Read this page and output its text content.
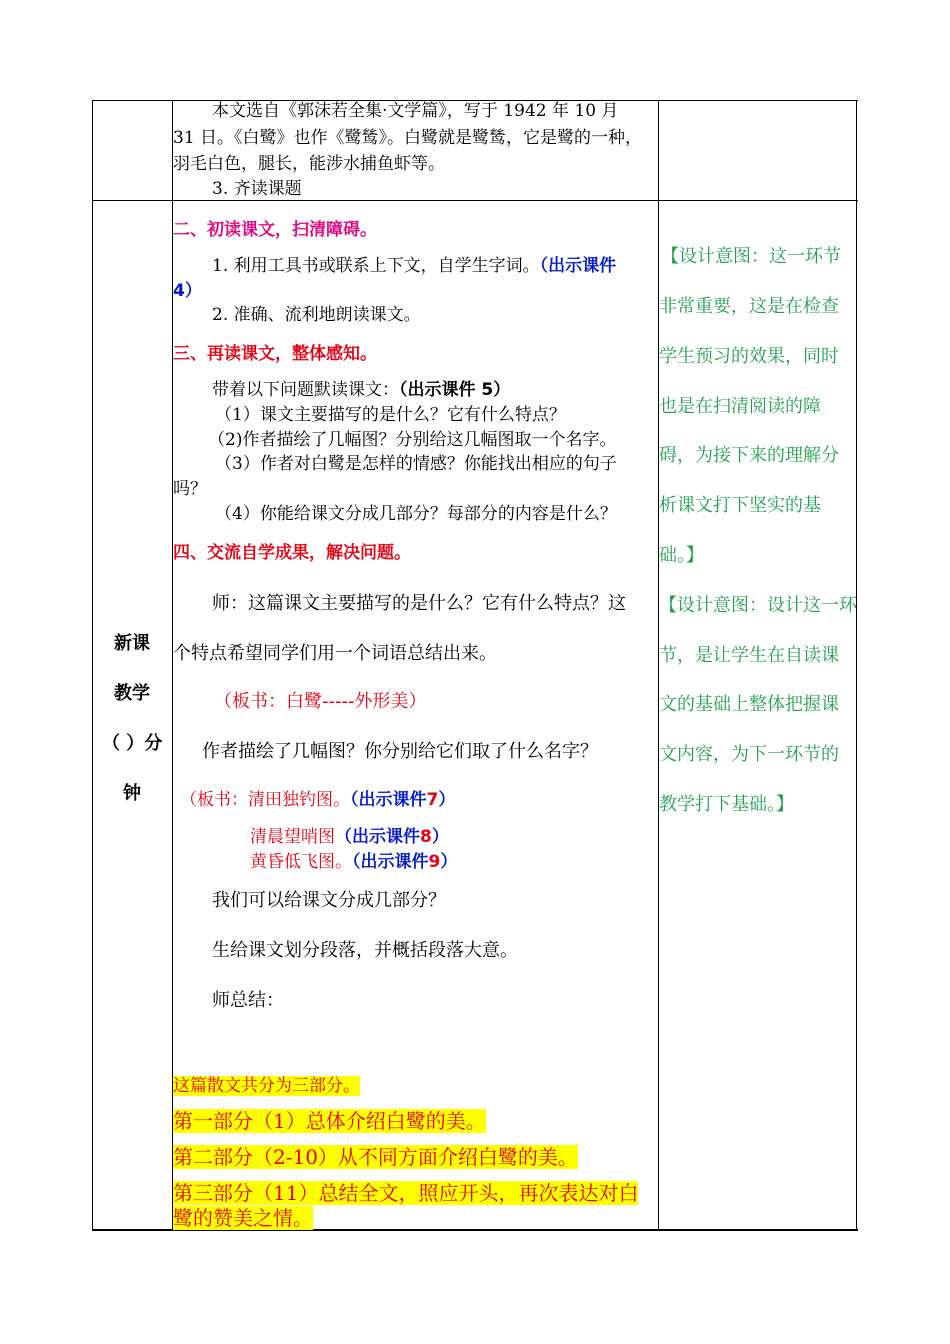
本文选自《郭沫若全集·文学篇》，写于 1942 年 10 月
31 日。《白鹭》也作《鹭鸶》。白鹭就是鹭鸶，它是鹭的一种，
羽毛白色，腿长，能涉水捕鱼虾等。
3. 齐读课题
新课
教学
（ ）分
钟
二、初读课文，扫清障碍。
1. 利用工具书或联系上下文，自学生字词。（出示课件
4）
2. 准确、流利地朗读课文。
三、再读课文，整体感知。
带着以下问题默读课文：（出示课件 5）
（1）课文主要描写的是什么？它有什么特点？
（2)作者描绘了几幅图？分别给这几幅图取一个名字。
（3）作者对白鹭是怎样的情感？你能找出相应的句子
吗？
（4）你能给课文分成几部分？每部分的内容是什么？
四、交流自学成果，解决问题。
师：这篇课文主要描写的是什么？它有什么特点？这
个特点希望同学们用一个词语总结出来。
（板书：白鹭-----外形美）
作者描绘了几幅图？你分别给它们取了什么名字？
（板书：清田独钓图。（出示课件7）
清晨望哨图（出示课件8）
黄昏低飞图。（出示课件9）
我们可以给课文分成几部分？
生给课文划分段落，并概括段落大意。
师总结：
这篇散文共分为三部分。
第一部分（1）总体介绍白鹭的美。
第二部分（2-10）从不同方面介绍白鹭的美。
第三部分（11）总结全文，照应开头，再次表达对白
鹭的赞美之情。
【设计意图：这一环节
非常重要，这是在检查
学生预习的效果，同时
也是在扫清阅读的障
碍，为接下来的理解分
析课文打下坚实的基
础。】
【设计意图：设计这一环
节，是让学生在自读课
文的基础上整体把握课
文内容，为下一环节的
教学打下基础。】
